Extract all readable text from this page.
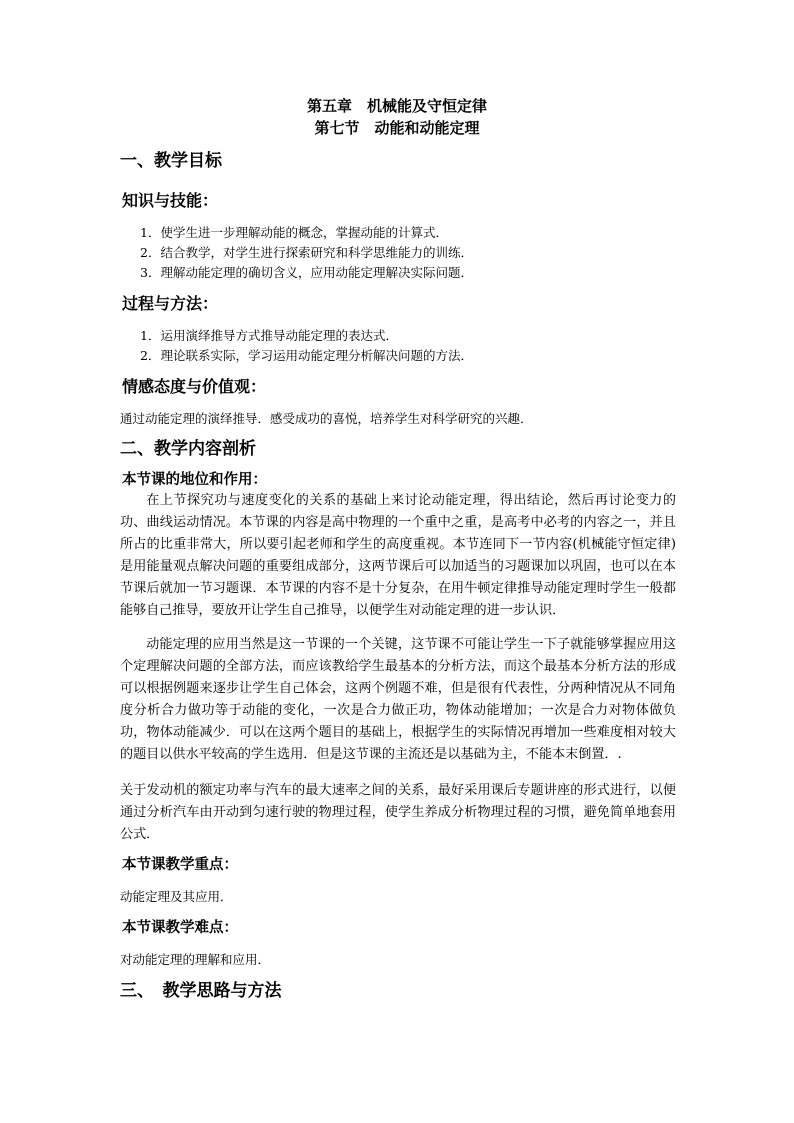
第五章　机械能及守恒定律
第七节　动能和动能定理
一、教学目标
知识与技能：
1．使学生进一步理解动能的概念，掌握动能的计算式．
2．结合教学，对学生进行探索研究和科学思维能力的训练．
3．理解动能定理的确切含义，应用动能定理解决实际问题．
过程与方法：
1．运用演绎推导方式推导动能定理的表达式．
2．理论联系实际，学习运用动能定理分析解决问题的方法．
情感态度与价值观：
通过动能定理的演绎推导．感受成功的喜悦，培养学生对科学研究的兴趣．
二、教学内容剖析
本节课的地位和作用：

在上节探究功与速度变化的关系的基础上来讨论动能定理，得出结论，然后再讨论变力的功、曲线运动情况。本节课的内容是高中物理的一个重中之重，是高考中必考的内容之一，并且所占的比重非常大，所以要引起老师和学生的高度重视。本节连同下一节内容(机械能守恒定律)是用能量观点解决问题的重要组成部分，这两节课后可以加适当的习题课加以巩固，也可以在本节课后就加一节习题课．本节课的内容不是十分复杂，在用牛顿定律推导动能定理时学生一般都能够自己推导，要放开让学生自己推导，以便学生对动能定理的进一步认识．

动能定理的应用当然是这一节课的一个关键，这节课不可能让学生一下子就能够掌握应用这个定理解决问题的全部方法，而应该教给学生最基本的分析方法，而这个最基本分析方法的形成可以根据例题来逐步让学生自己体会，这两个例题不难，但是很有代表性，分两种情况从不同角度分析合力做功等于动能的变化，一次是合力做正功，物体动能增加；一次是合力对物体做负功，物体动能减少．可以在这两个题目的基础上，根据学生的实际情况再增加一些难度相对较大的题目以供水平较高的学生选用．但是这节课的主流还是以基础为主，不能本末倒置．.

关于发动机的额定功率与汽车的最大速率之间的关系，最好采用课后专题讲座的形式进行，以便通过分析汽车由开动到匀速行驶的物理过程，使学生养成分析物理过程的习惯，避免简单地套用公式．

本节课教学重点：
动能定理及其应用．
本节课教学难点：
对动能定理的理解和应用．
三、　教学思路与方法
